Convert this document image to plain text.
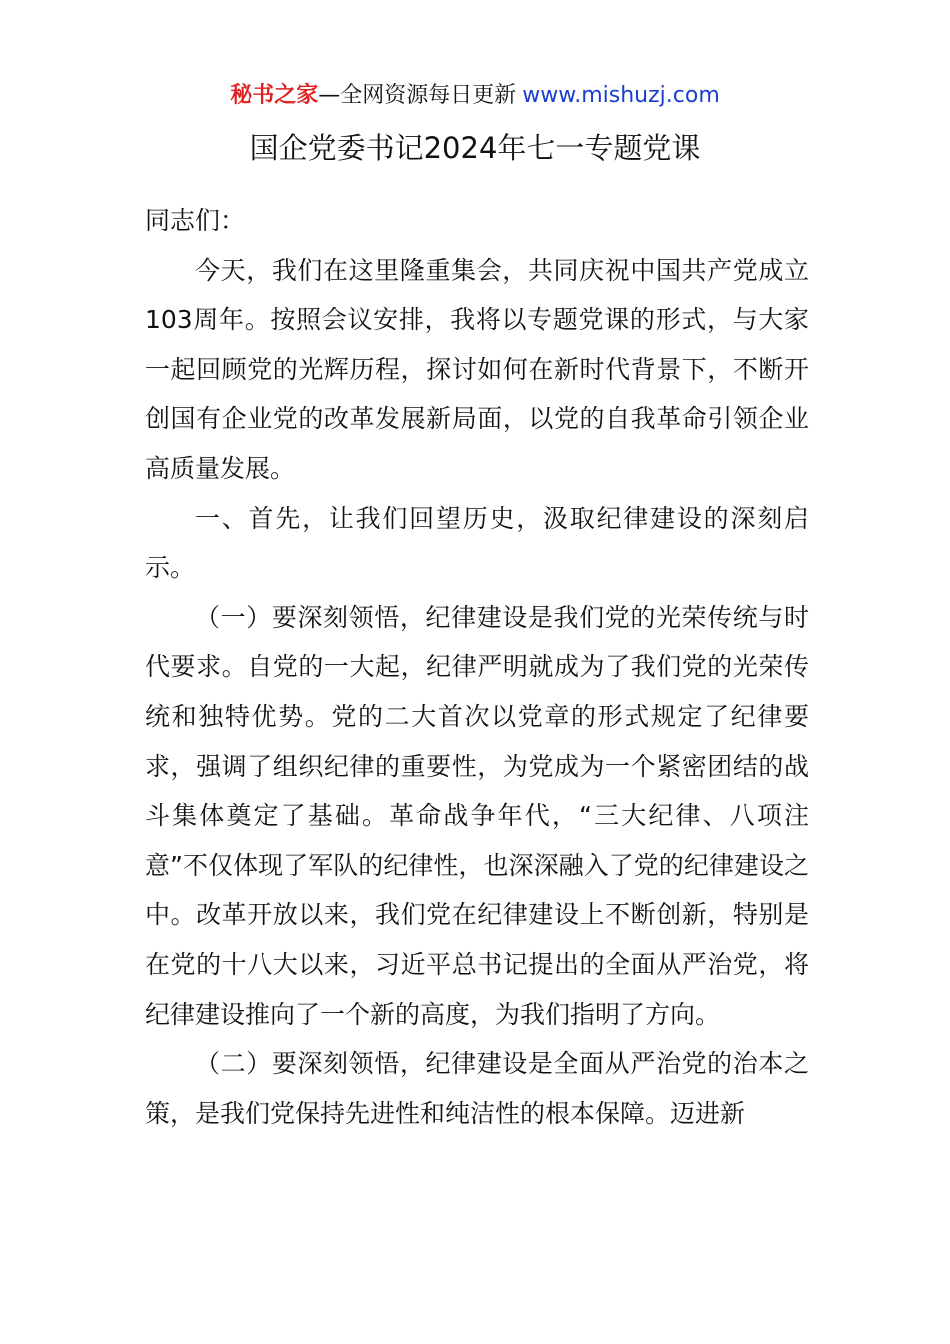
秘书之家—全网资源每日更新 www.mishuzj.com
国企党委书记2024年七一专题党课

同志们：

今天，我们在这里隆重集会，共同庆祝中国共产党成立103周年。按照会议安排，我将以专题党课的形式，与大家一起回顾党的光辉历程，探讨如何在新时代背景下，不断开创国有企业党的改革发展新局面，以党的自我革命引领企业高质量发展。

一、首先，让我们回望历史，汲取纪律建设的深刻启示。

（一）要深刻领悟，纪律建设是我们党的光荣传统与时代要求。自党的一大起，纪律严明就成为了我们党的光荣传统和独特优势。党的二大首次以党章的形式规定了纪律要求，强调了组织纪律的重要性，为党成为一个紧密团结的战斗集体奠定了基础。革命战争年代，“三大纪律、八项注意”不仅体现了军队的纪律性，也深深融入了党的纪律建设之中。改革开放以来，我们党在纪律建设上不断创新，特别是在党的十八大以来，习近平总书记提出的全面从严治党，将纪律建设推向了一个新的高度，为我们指明了方向。

（二）要深刻领悟，纪律建设是全面从严治党的治本之策，是我们党保持先进性和纯洁性的根本保障。迈进新
